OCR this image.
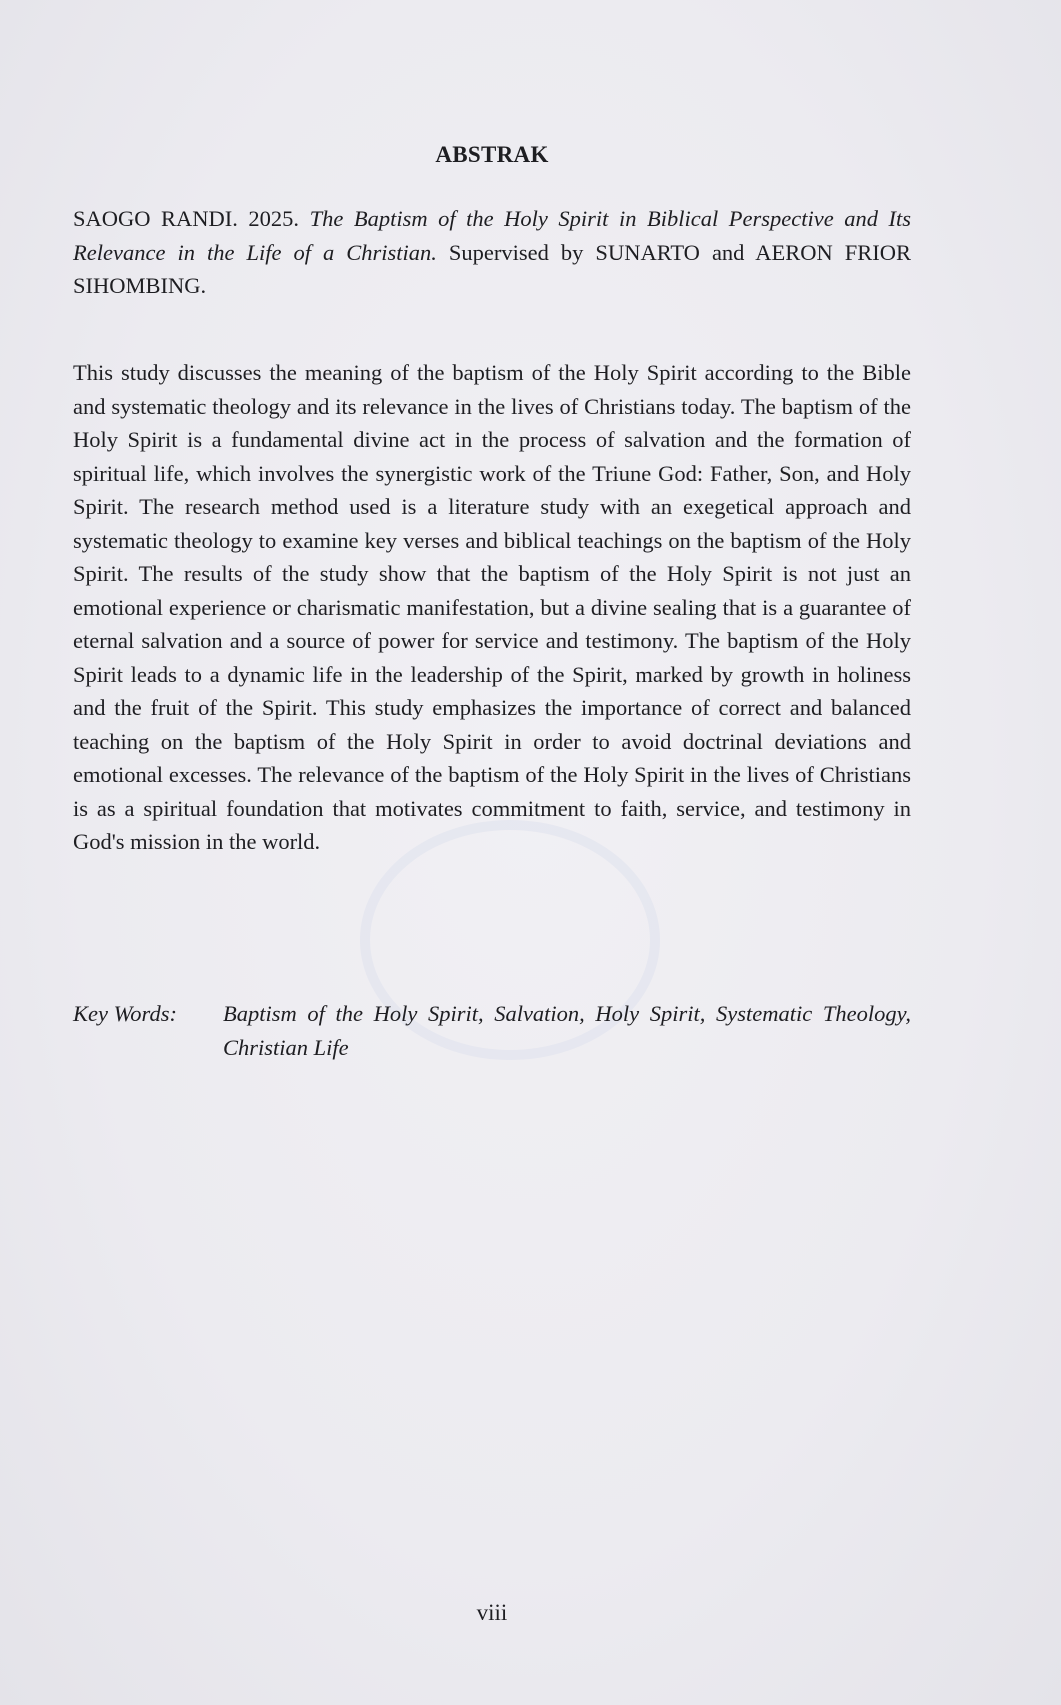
ABSTRAK
SAOGO RANDI. 2025. The Baptism of the Holy Spirit in Biblical Perspective and Its Relevance in the Life of a Christian. Supervised by SUNARTO and AERON FRIOR SIHOMBING.

This study discusses the meaning of the baptism of the Holy Spirit according to the Bible and systematic theology and its relevance in the lives of Christians today. The baptism of the Holy Spirit is a fundamental divine act in the process of salvation and the formation of spiritual life, which involves the synergistic work of the Triune God: Father, Son, and Holy Spirit. The research method used is a literature study with an exegetical approach and systematic theology to examine key verses and biblical teachings on the baptism of the Holy Spirit. The results of the study show that the baptism of the Holy Spirit is not just an emotional experience or charismatic manifestation, but a divine sealing that is a guarantee of eternal salvation and a source of power for service and testimony. The baptism of the Holy Spirit leads to a dynamic life in the leadership of the Spirit, marked by growth in holiness and the fruit of the Spirit. This study emphasizes the importance of correct and balanced teaching on the baptism of the Holy Spirit in order to avoid doctrinal deviations and emotional excesses. The relevance of the baptism of the Holy Spirit in the lives of Christians is as a spiritual foundation that motivates commitment to faith, service, and testimony in God's mission in the world.

Key Words:	Baptism of the Holy Spirit, Salvation, Holy Spirit, Systematic Theology, Christian Life
viii
